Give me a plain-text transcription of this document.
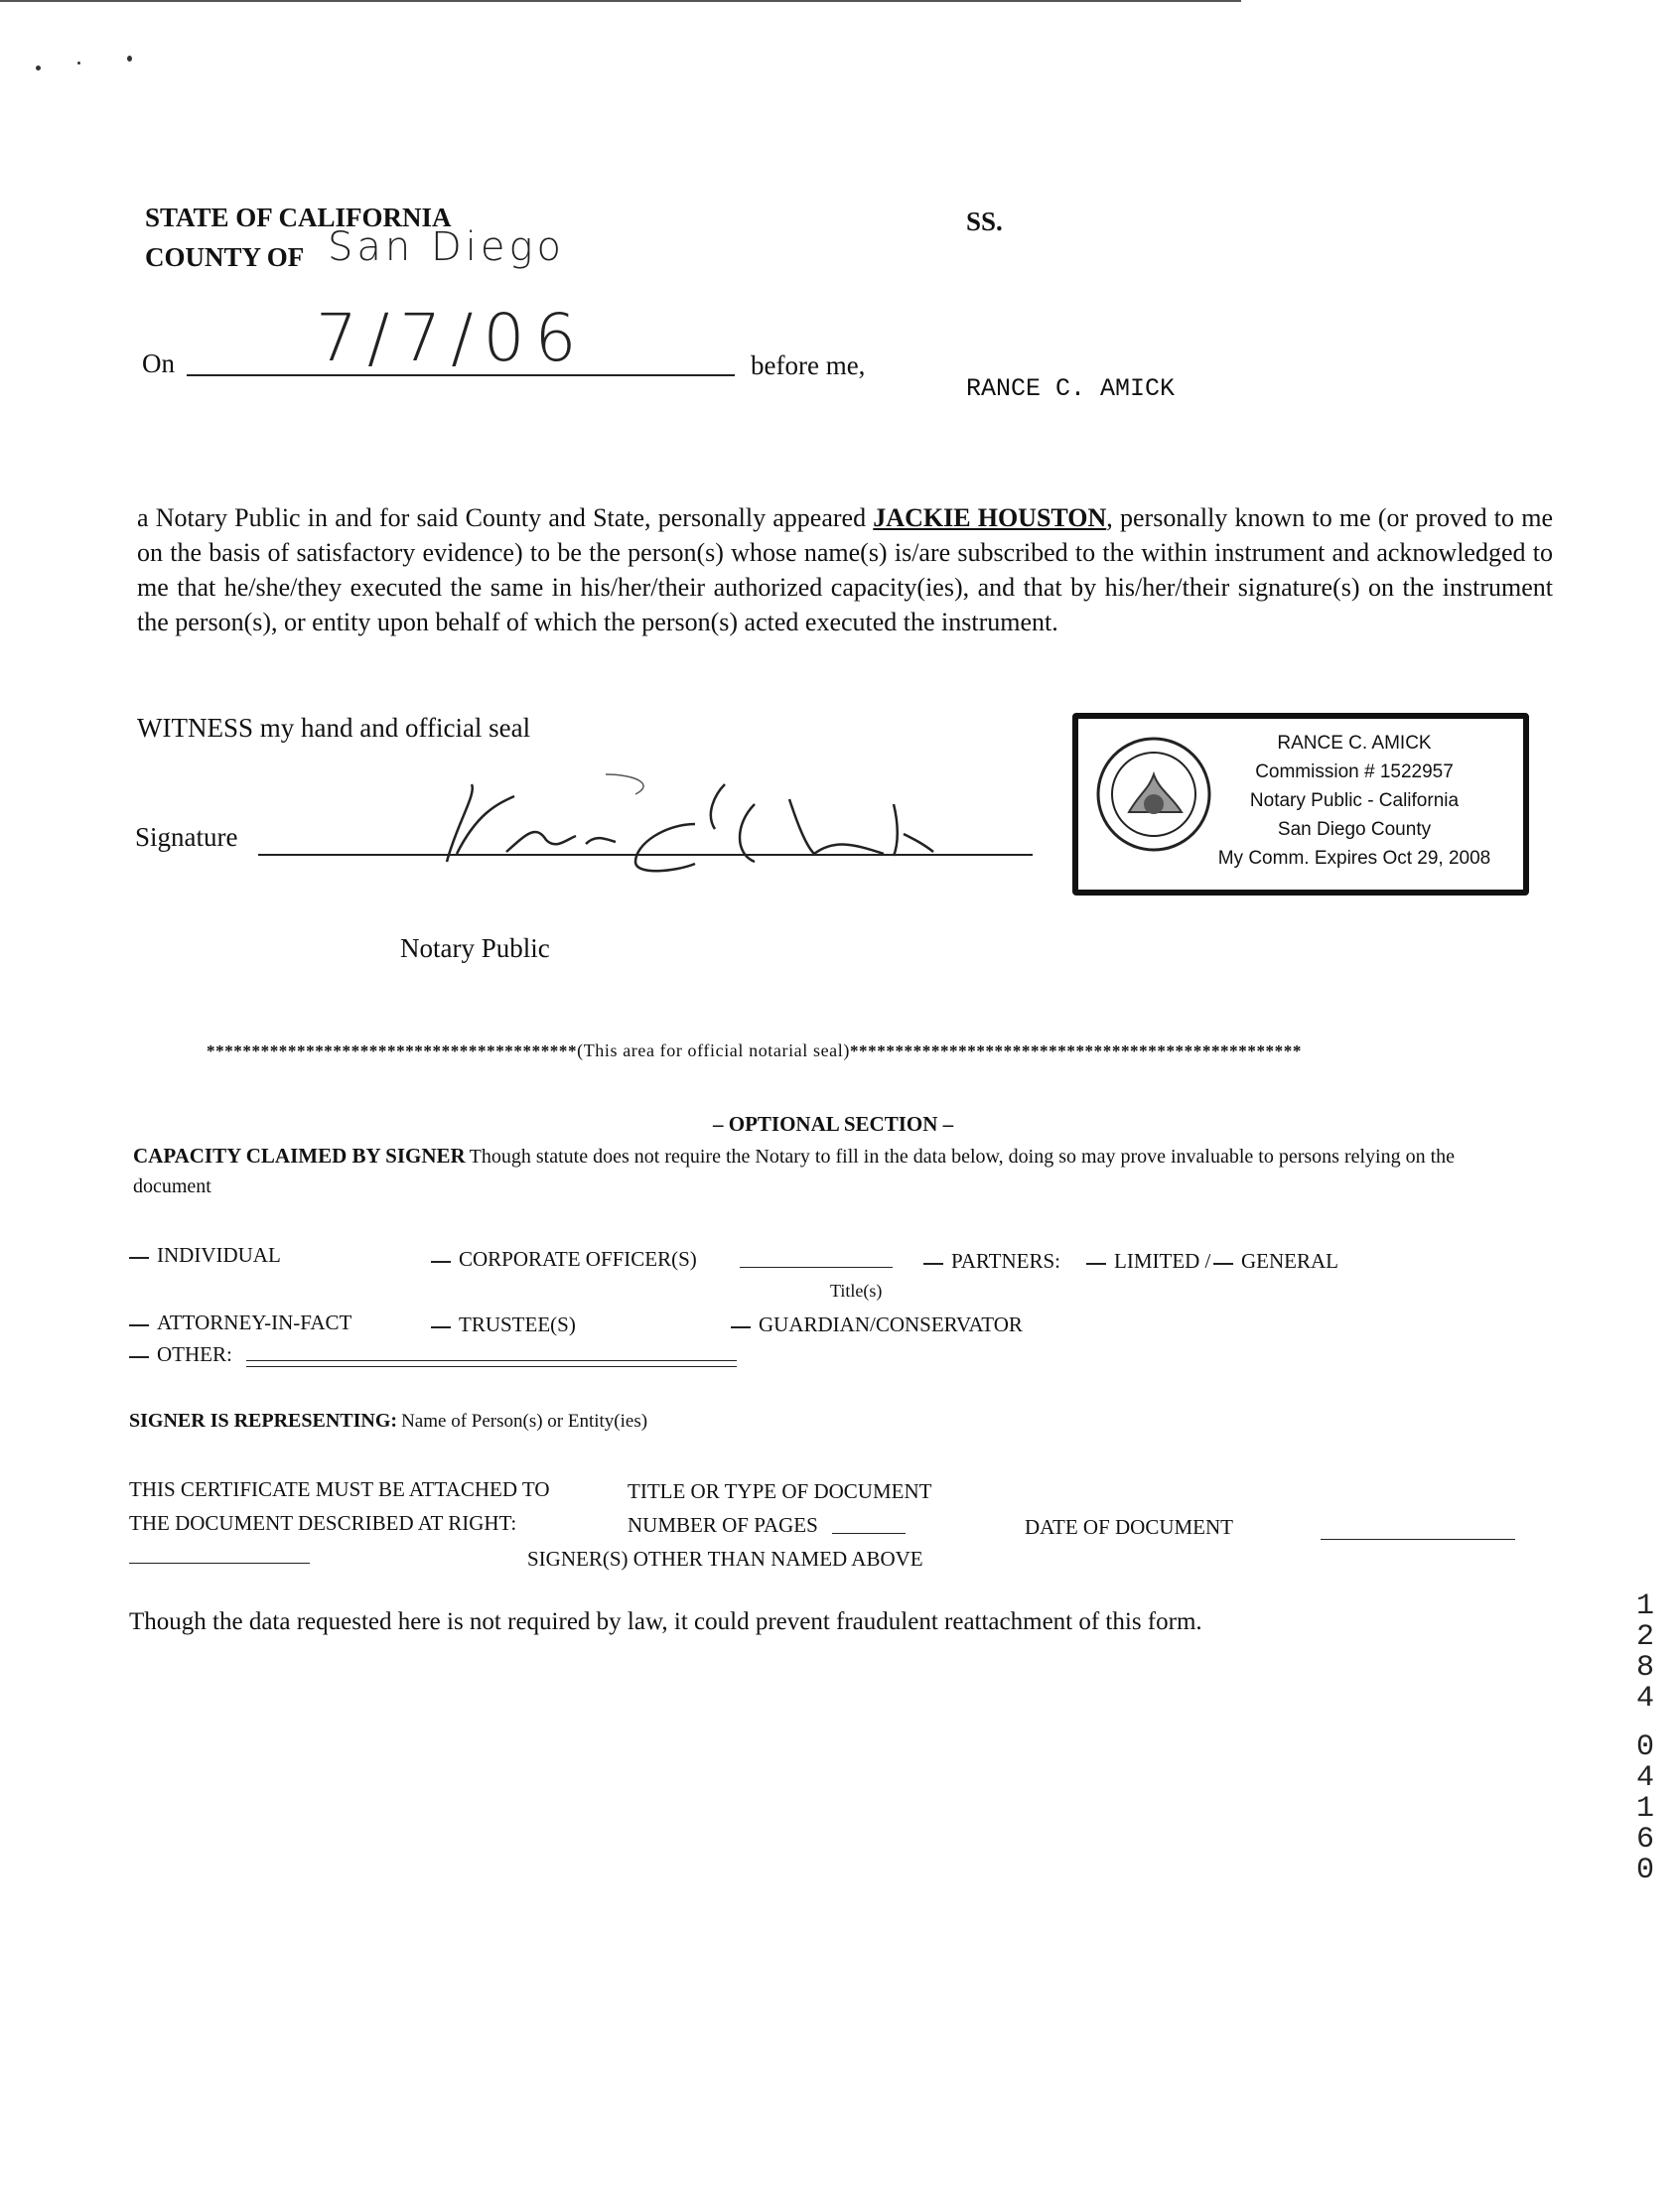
STATE OF CALIFORNIA
COUNTY OF San Diego
SS.
On 7/7/06	before me,
RANCE C. AMICK
a Notary Public in and for said County and State, personally appeared JACKIE HOUSTON, personally known to me (or proved to me on the basis of satisfactory evidence) to be the person(s) whose name(s) is/are subscribed to the within instrument and acknowledged to me that he/she/they executed the same in his/her/their authorized capacity(ies), and that by his/her/their signature(s) on the instrument the person(s), or entity upon behalf of which the person(s) acted executed the instrument.
WITNESS my hand and official seal
Signature
Notary Public
RANCE C. AMICK
Commission # 1522957
Notary Public - California
San Diego County
My Comm. Expires Oct 29, 2008
*****************************************(This area for official notarial seal)**************************************************
– OPTIONAL SECTION –
CAPACITY CLAIMED BY SIGNER Though statute does not require the Notary to fill in the data below, doing so may prove invaluable to persons relying on the
document
INDIVIDUAL	CORPORATE OFFICER(S)	PARTNERS:	LIMITED /	GENERAL
Title(s)
ATTORNEY-IN-FACT	TRUSTEE(S)	GUARDIAN/CONSERVATOR
OTHER:
SIGNER IS REPRESENTING: Name of Person(s) or Entity(ies)
THIS CERTIFICATE MUST BE ATTACHED TO
THE DOCUMENT DESCRIBED AT RIGHT:
TITLE OR TYPE OF DOCUMENT
NUMBER OF PAGES	DATE OF DOCUMENT
SIGNER(S) OTHER THAN NAMED ABOVE
Though the data requested here is not required by law, it could prevent fraudulent reattachment of this form.	1
2
8
4
0
4
1
6
0
